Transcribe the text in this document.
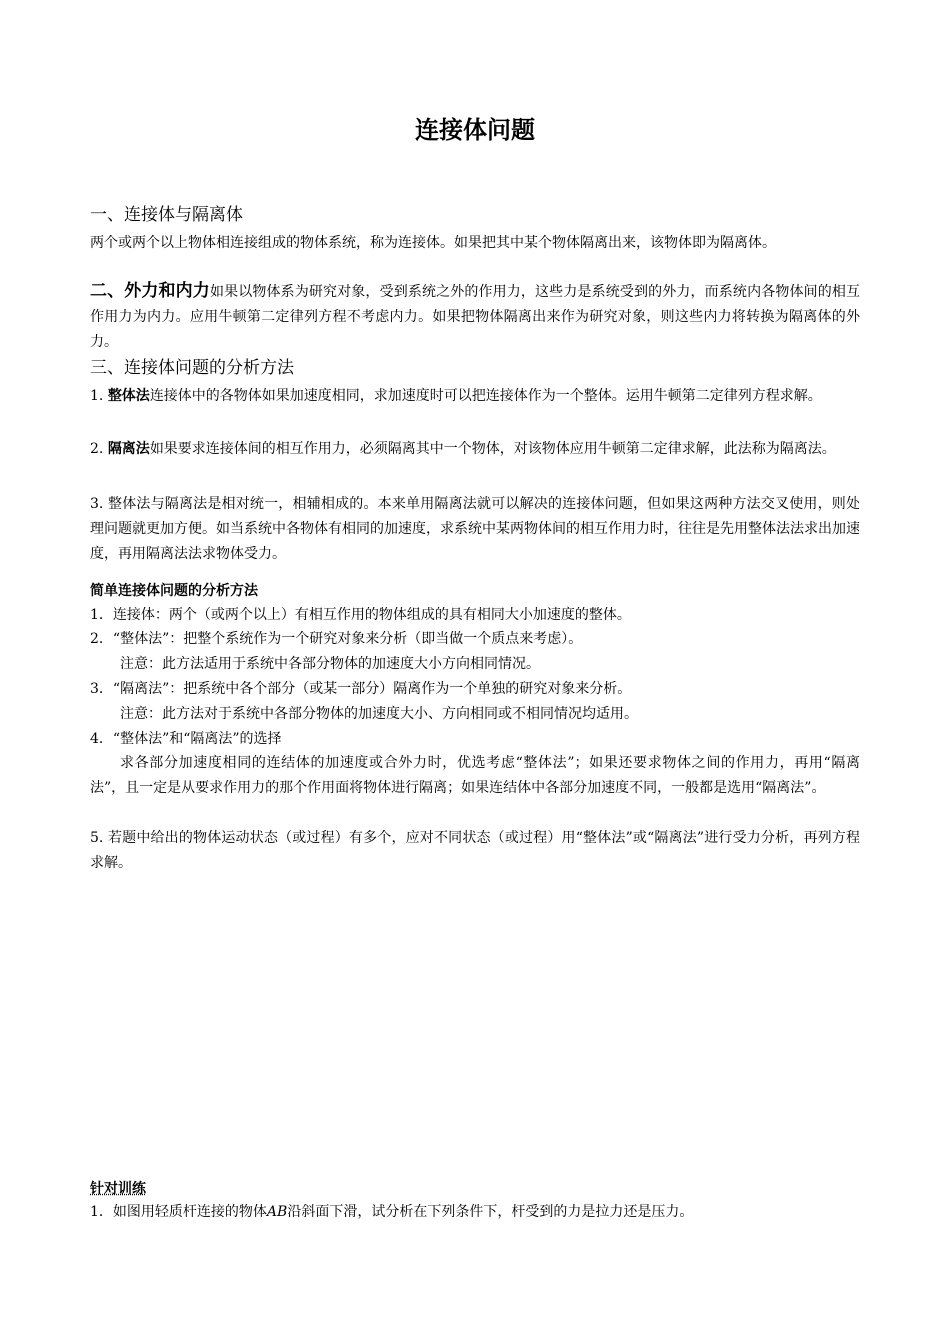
连接体问题
一、连接体与隔离体
两个或两个以上物体相连接组成的物体系统，称为连接体。如果把其中某个物体隔离出来，该物体即为隔离体。
二、外力和内力如果以物体系为研究对象，受到系统之外的作用力，这些力是系统受到的外力，而系统内各物体间的相互作用力为内力。应用牛顿第二定律列方程不考虑内力。如果把物体隔离出来作为研究对象，则这些内力将转换为隔离体的外力。
三、连接体问题的分析方法
1. 整体法连接体中的各物体如果加速度相同，求加速度时可以把连接体作为一个整体。运用牛顿第二定律列方程求解。
2. 隔离法如果要求连接体间的相互作用力，必须隔离其中一个物体，对该物体应用牛顿第二定律求解，此法称为隔离法。
3. 整体法与隔离法是相对统一，相辅相成的。本来单用隔离法就可以解决的连接体问题，但如果这两种方法交叉使用，则处理问题就更加方便。如当系统中各物体有相同的加速度，求系统中某两物体间的相互作用力时，往往是先用整体法法求出加速度，再用隔离法法求物体受力。
简单连接体问题的分析方法
1．连接体：两个（或两个以上）有相互作用的物体组成的具有相同大小加速度的整体。
2．“整体法”：把整个系统作为一个研究对象来分析（即当做一个质点来考虑）。
注意：此方法适用于系统中各部分物体的加速度大小方向相同情况。
3．“隔离法”：把系统中各个部分（或某一部分）隔离作为一个单独的研究对象来分析。
注意：此方法对于系统中各部分物体的加速度大小、方向相同或不相同情况均适用。
4．“整体法”和“隔离法”的选择
求各部分加速度相同的连结体的加速度或合外力时，优选考虑“整体法”；如果还要求物体之间的作用力，再用“隔离法”，且一定是从要求作用力的那个作用面将物体进行隔离；如果连结体中各部分加速度不同，一般都是选用“隔离法”。
5. 若题中给出的物体运动状态（或过程）有多个，应对不同状态（或过程）用“整体法”或“隔离法”进行受力分析，再列方程求解。
针对训练
1．如图用轻质杆连接的物体AB沿斜面下滑，试分析在下列条件下，杆受到的力是拉力还是压力。
